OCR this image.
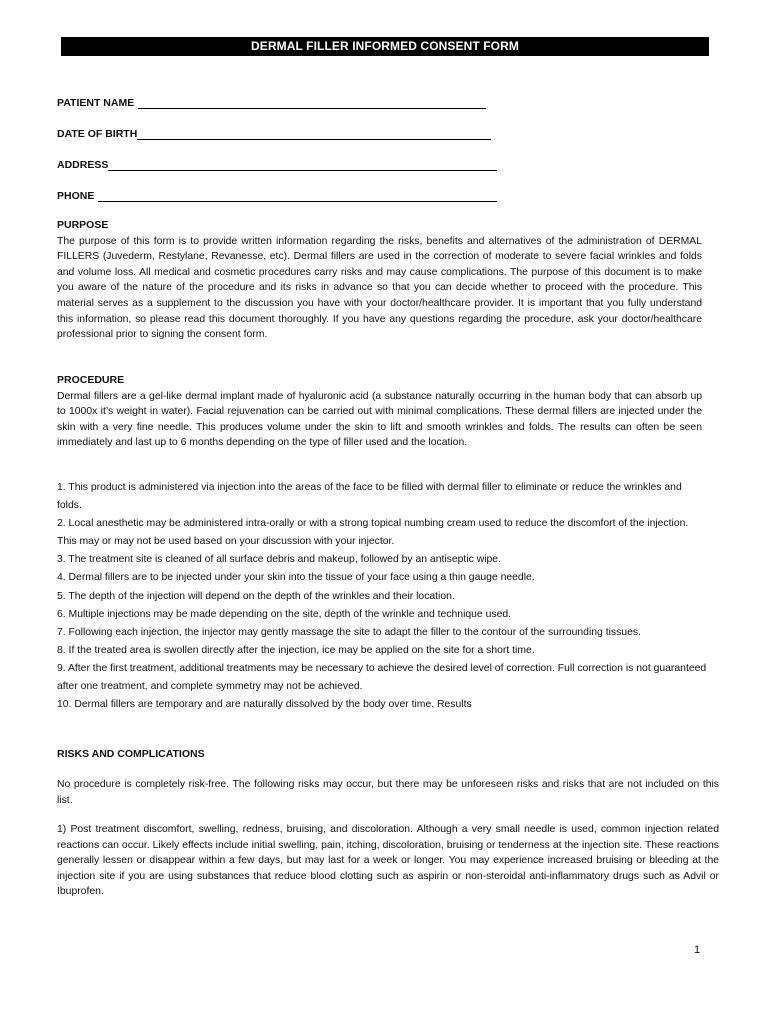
DERMAL FILLER INFORMED CONSENT FORM
PATIENT NAME
DATE OF BIRTH
ADDRESS
PHONE
PURPOSE
The purpose of this form is to provide written information regarding the risks, benefits and alternatives of the administration of DERMAL FILLERS (Juvederm, Restylane, Revanesse, etc). Dermal fillers are used in the correction of moderate to severe facial wrinkles and folds and volume loss. All medical and cosmetic procedures carry risks and may cause complications. The purpose of this document is to make you aware of the nature of the procedure and its risks in advance so that you can decide whether to proceed with the procedure. This material serves as a supplement to the discussion you have with your doctor/healthcare provider. It is important that you fully understand this information, so please read this document thoroughly. If you have any questions regarding the procedure, ask your doctor/healthcare professional prior to signing the consent form.
PROCEDURE
Dermal fillers are a gel-like dermal implant made of hyaluronic acid (a substance naturally occurring in the human body that can absorb up to 1000x it’s weight in water). Facial rejuvenation can be carried out with minimal complications. These dermal fillers are injected under the skin with a very fine needle. This produces volume under the skin to lift and smooth wrinkles and folds. The results can often be seen immediately and last up to 6 months depending on the type of filler used and the location.
1. This product is administered via injection into the areas of the face to be filled with dermal filler to eliminate or reduce the wrinkles and folds.
2. Local anesthetic may be administered intra-orally or with a strong topical numbing cream used to reduce the discomfort of the injection. This may or may not be used based on your discussion with your injector.
3. The treatment site is cleaned of all surface debris and makeup, followed by an antiseptic wipe.
4. Dermal fillers are to be injected under your skin into the tissue of your face using a thin gauge needle.
5. The depth of the injection will depend on the depth of the wrinkles and their location.
6. Multiple injections may be made depending on the site, depth of the wrinkle and technique used.
7. Following each injection, the injector may gently massage the site to adapt the filler to the contour of the surrounding tissues.
8. If the treated area is swollen directly after the injection, ice may be applied on the site for a short time.
9. After the first treatment, additional treatments may be necessary to achieve the desired level of correction. Full correction is not guaranteed after one treatment, and complete symmetry may not be achieved.
10. Dermal fillers are temporary and are naturally dissolved by the body over time. Results
RISKS AND COMPLICATIONS
No procedure is completely risk-free. The following risks may occur, but there may be unforeseen risks and risks that are not included on this list.
1) Post treatment discomfort, swelling, redness, bruising, and discoloration. Although a very small needle is used, common injection related reactions can occur. Likely effects include initial swelling, pain, itching, discoloration, bruising or tenderness at the injection site. These reactions generally lessen or disappear within a few days, but may last for a week or longer. You may experience increased bruising or bleeding at the injection site if you are using substances that reduce blood clotting such as aspirin or non-steroidal anti-inflammatory drugs such as Advil or Ibuprofen.
1
